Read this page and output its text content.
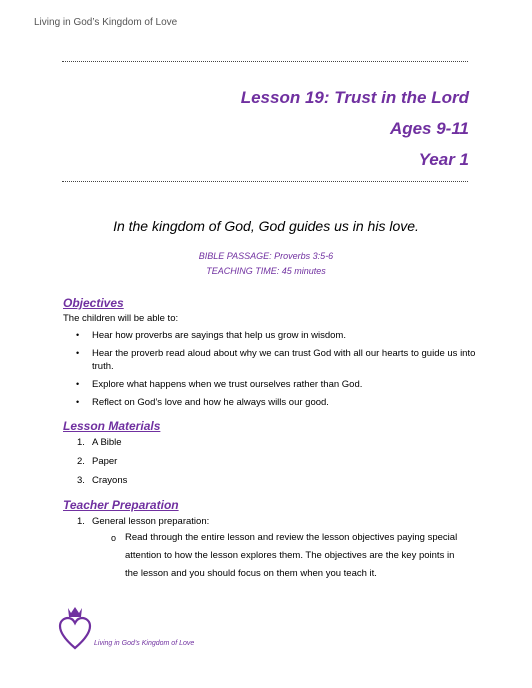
Living in God’s Kingdom of Love
Lesson 19: Trust in the Lord
Ages 9-11
Year 1
In the kingdom of God, God guides us in his love.
BIBLE PASSAGE: Proverbs 3:5-6
TEACHING TIME: 45 minutes
Objectives
The children will be able to:
• Hear how proverbs are sayings that help us grow in wisdom.
• Hear the proverb read aloud about why we can trust God with all our hearts to guide us into truth.
• Explore what happens when we trust ourselves rather than God.
• Reflect on God’s love and how he always wills our good.
Lesson Materials
1. A Bible
2. Paper
3. Crayons
Teacher Preparation
1. General lesson preparation:
o Read through the entire lesson and review the lesson objectives paying special attention to how the lesson explores them. The objectives are the key points in the lesson and you should focus on them when you teach it.
Living in God’s Kingdom of Love
